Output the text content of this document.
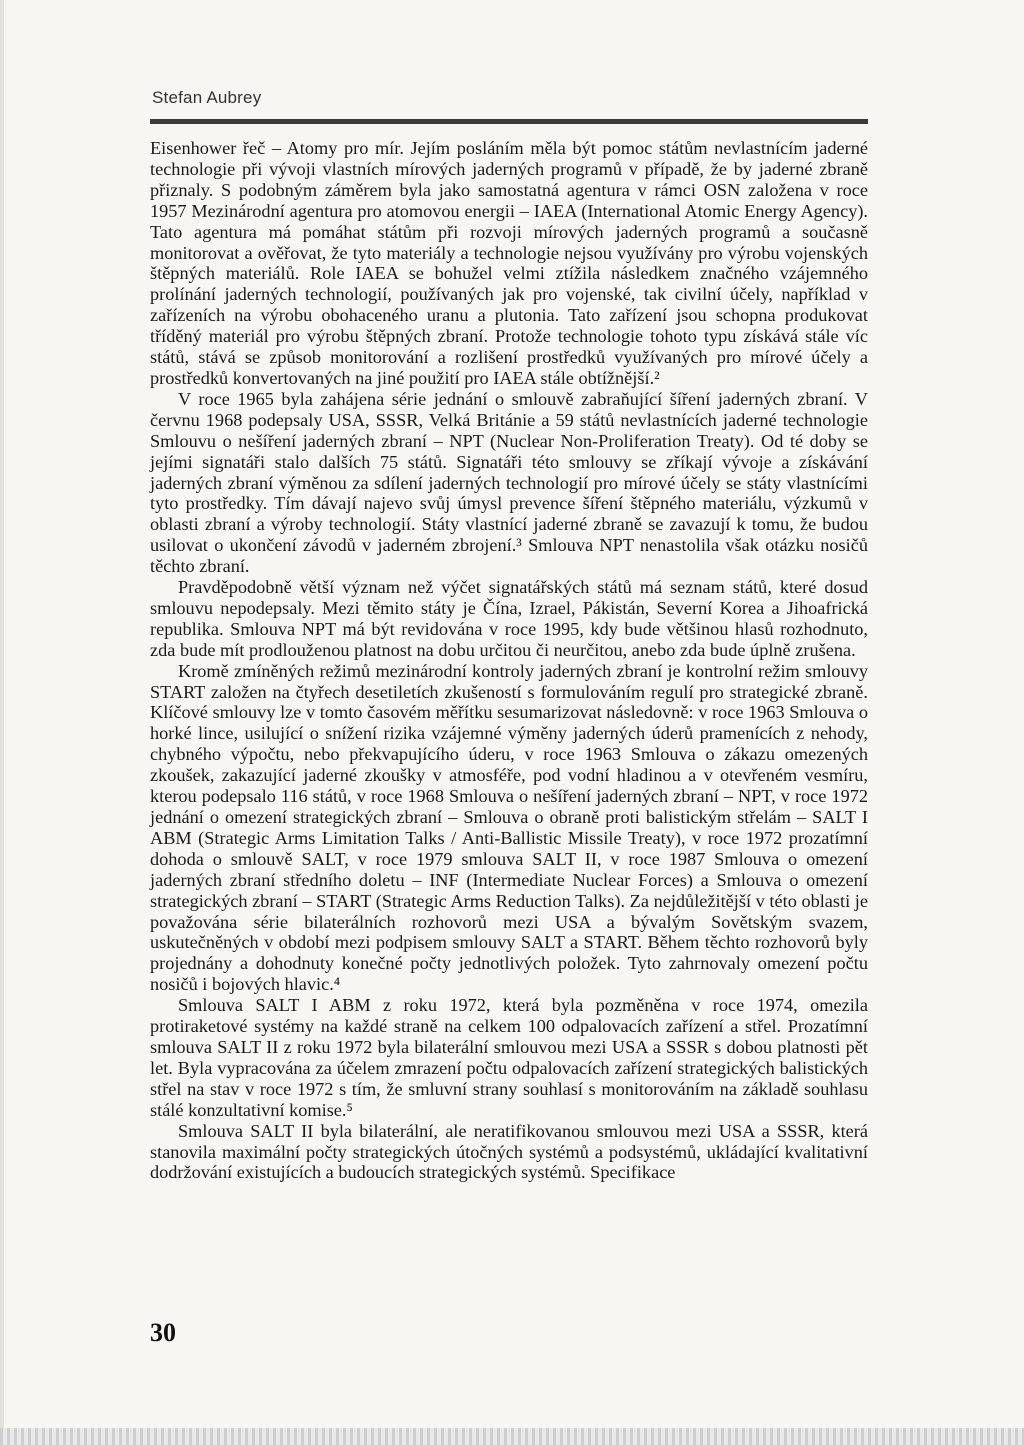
Stefan Aubrey

Eisenhower řeč – Atomy pro mír. Jejím posláním měla být pomoc státům nevlastnícím jaderné technologie při vývoji vlastních mírových jaderných programů v případě, že by jaderné zbraně přiznaly. S podobným záměrem byla jako samostatná agentura v rámci OSN založena v roce 1957 Mezinárodní agentura pro atomovou energii – IAEA (International Atomic Energy Agency). Tato agentura má pomáhat státům při rozvoji mírových jaderných programů a současně monitorovat a ověřovat, že tyto materiály a technologie nejsou využívány pro výrobu vojenských štěpných materiálů. Role IAEA se bohužel velmi ztížila následkem značného vzájemného prolínání jaderných technologií, používaných jak pro vojenské, tak civilní účely, například v zařízeních na výrobu obohaceného uranu a plutonia. Tato zařízení jsou schopna produkovat tříděný materiál pro výrobu štěpných zbraní. Protože technologie tohoto typu získává stále víc států, stává se způsob monitorování a rozlišení prostředků využívaných pro mírové účely a prostředků konvertovaných na jiné použití pro IAEA stále obtížnější.²

V roce 1965 byla zahájena série jednání o smlouvě zabraňující šíření jaderných zbraní. V červnu 1968 podepsaly USA, SSSR, Velká Británie a 59 států nevlastnících jaderné technologie Smlouvu o nešíření jaderných zbraní – NPT (Nuclear Non-Proliferation Treaty). Od té doby se jejími signatáři stalo dalších 75 států. Signatáři této smlouvy se zříkají vývoje a získávání jaderných zbraní výměnou za sdílení jaderných technologií pro mírové účely se státy vlastnícími tyto prostředky. Tím dávají najevo svůj úmysl prevence šíření štěpného materiálu, výzkumů v oblasti zbraní a výroby technologií. Státy vlastnící jaderné zbraně se zavazují k tomu, že budou usilovat o ukončení závodů v jaderném zbrojení.³ Smlouva NPT nenastolila však otázku nosičů těchto zbraní.

Pravděpodobně větší význam než výčet signatářských států má seznam států, které dosud smlouvu nepodepsaly. Mezi těmito státy je Čína, Izrael, Pákistán, Severní Korea a Jihoafrická republika. Smlouva NPT má být revidována v roce 1995, kdy bude většinou hlasů rozhodnuto, zda bude mít prodlouženou platnost na dobu určitou či neurčitou, anebo zda bude úplně zrušena.

Kromě zmíněných režimů mezinárodní kontroly jaderných zbraní je kontrolní režim smlouvy START založen na čtyřech desetiletích zkušeností s formulováním regulí pro strategické zbraně. Klíčové smlouvy lze v tomto časovém měřítku sesumarizovat následovně: v roce 1963 Smlouva o horké lince, usilující o snížení rizika vzájemné výměny jaderných úderů pramenících z nehody, chybného výpočtu, nebo překvapujícího úderu, v roce 1963 Smlouva o zákazu omezených zkoušek, zakazující jaderné zkoušky v atmosféře, pod vodní hladinou a v otevřeném vesmíru, kterou podepsalo 116 států, v roce 1968 Smlouva o nešíření jaderných zbraní – NPT, v roce 1972 jednání o omezení strategických zbraní – Smlouva o obraně proti balistickým střelám – SALT I ABM (Strategic Arms Limitation Talks / Anti-Ballistic Missile Treaty), v roce 1972 prozatímní dohoda o smlouvě SALT, v roce 1979 smlouva SALT II, v roce 1987 Smlouva o omezení jaderných zbraní středního doletu – INF (Intermediate Nuclear Forces) a Smlouva o omezení strategických zbraní – START (Strategic Arms Reduction Talks). Za nejdůležitější v této oblasti je považována série bilaterálních rozhovorů mezi USA a bývalým Sovětským svazem, uskutečněných v období mezi podpisem smlouvy SALT a START. Během těchto rozhovorů byly projednány a dohodnuty konečné počty jednotlivých položek. Tyto zahrnovaly omezení počtu nosičů i bojových hlavic.⁴

Smlouva SALT I ABM z roku 1972, která byla pozměněna v roce 1974, omezila protiraketové systémy na každé straně na celkem 100 odpalovacích zařízení a střel. Prozatímní smlouva SALT II z roku 1972 byla bilaterální smlouvou mezi USA a SSSR s dobou platnosti pět let. Byla vypracována za účelem zmrazení počtu odpalovacích zařízení strategických balistických střel na stav v roce 1972 s tím, že smluvní strany souhlasí s monitorováním na základě souhlasu stálé konzultativní komise.⁵

Smlouva SALT II byla bilaterální, ale neratifikovanou smlouvou mezi USA a SSSR, která stanovila maximální počty strategických útočných systémů a podsystémů, ukládající kvalitativní dodržování existujících a budoucích strategických systémů. Specifikace

30
